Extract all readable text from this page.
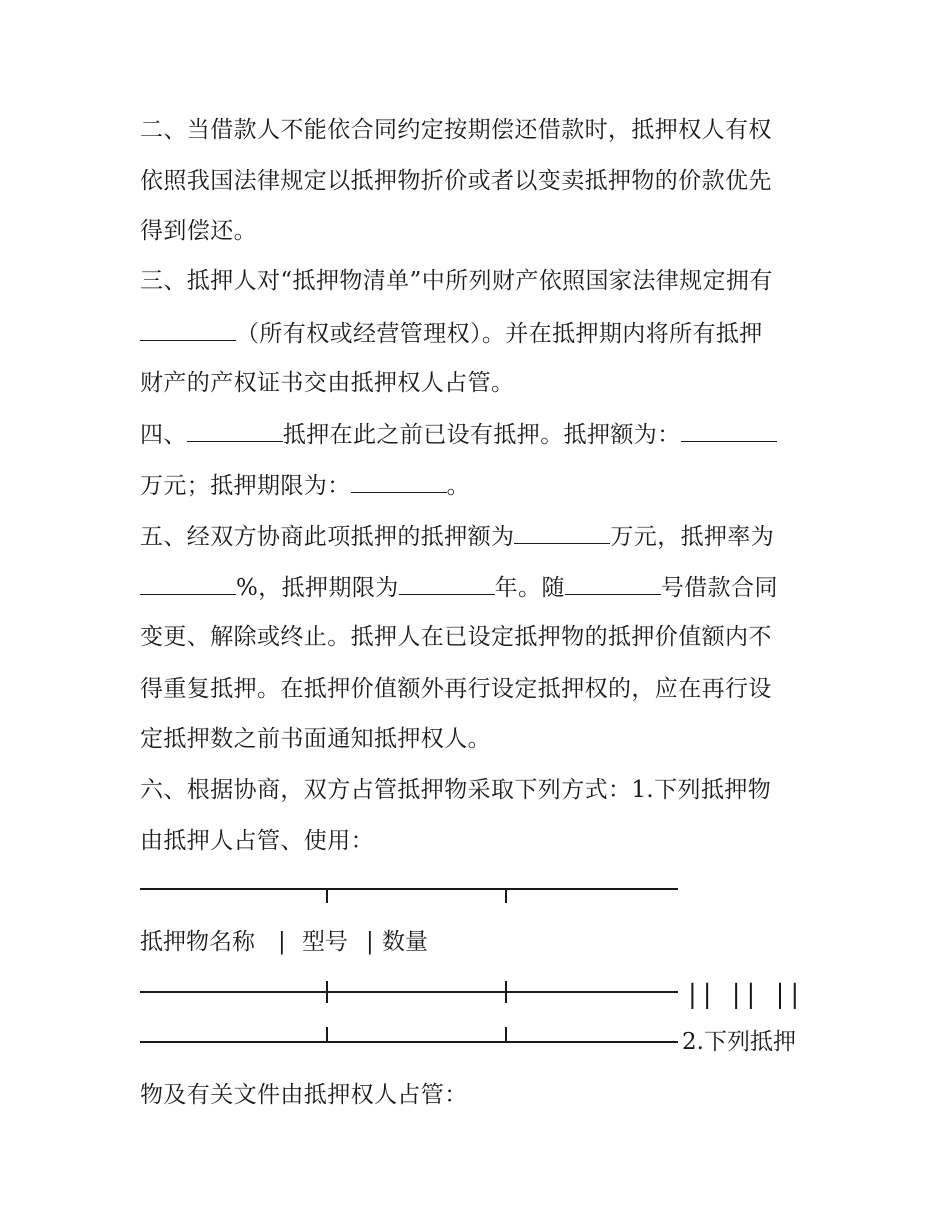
二、当借款人不能依合同约定按期偿还借款时，抵押权人有权
依照我国法律规定以抵押物折价或者以变卖抵押物的价款优先
得到偿还。
三、抵押人对“抵押物清单”中所列财产依照国家法律规定拥有
（所有权或经营管理权）。并在抵押期内将所有抵押
财产的产权证书交由抵押权人占管。
四、	抵押在此之前已设有抵押。抵押额为：
万元；抵押期限为：	。
五、经双方协商此项抵押的抵押额为	万元，抵押率为
%，抵押期限为	年。随	号借款合同
变更、解除或终止。抵押人在已设定抵押物的抵押价值额内不
得重复抵押。在抵押价值额外再行设定抵押权的，应在再行设
定抵押数之前书面通知抵押权人。
六、根据协商，双方占管抵押物采取下列方式：1.下列抵押物
由抵押人占管、使用：
抵押物名称 | 型号 | 数量
|| || ||
2.下列抵押
物及有关文件由抵押权人占管：
